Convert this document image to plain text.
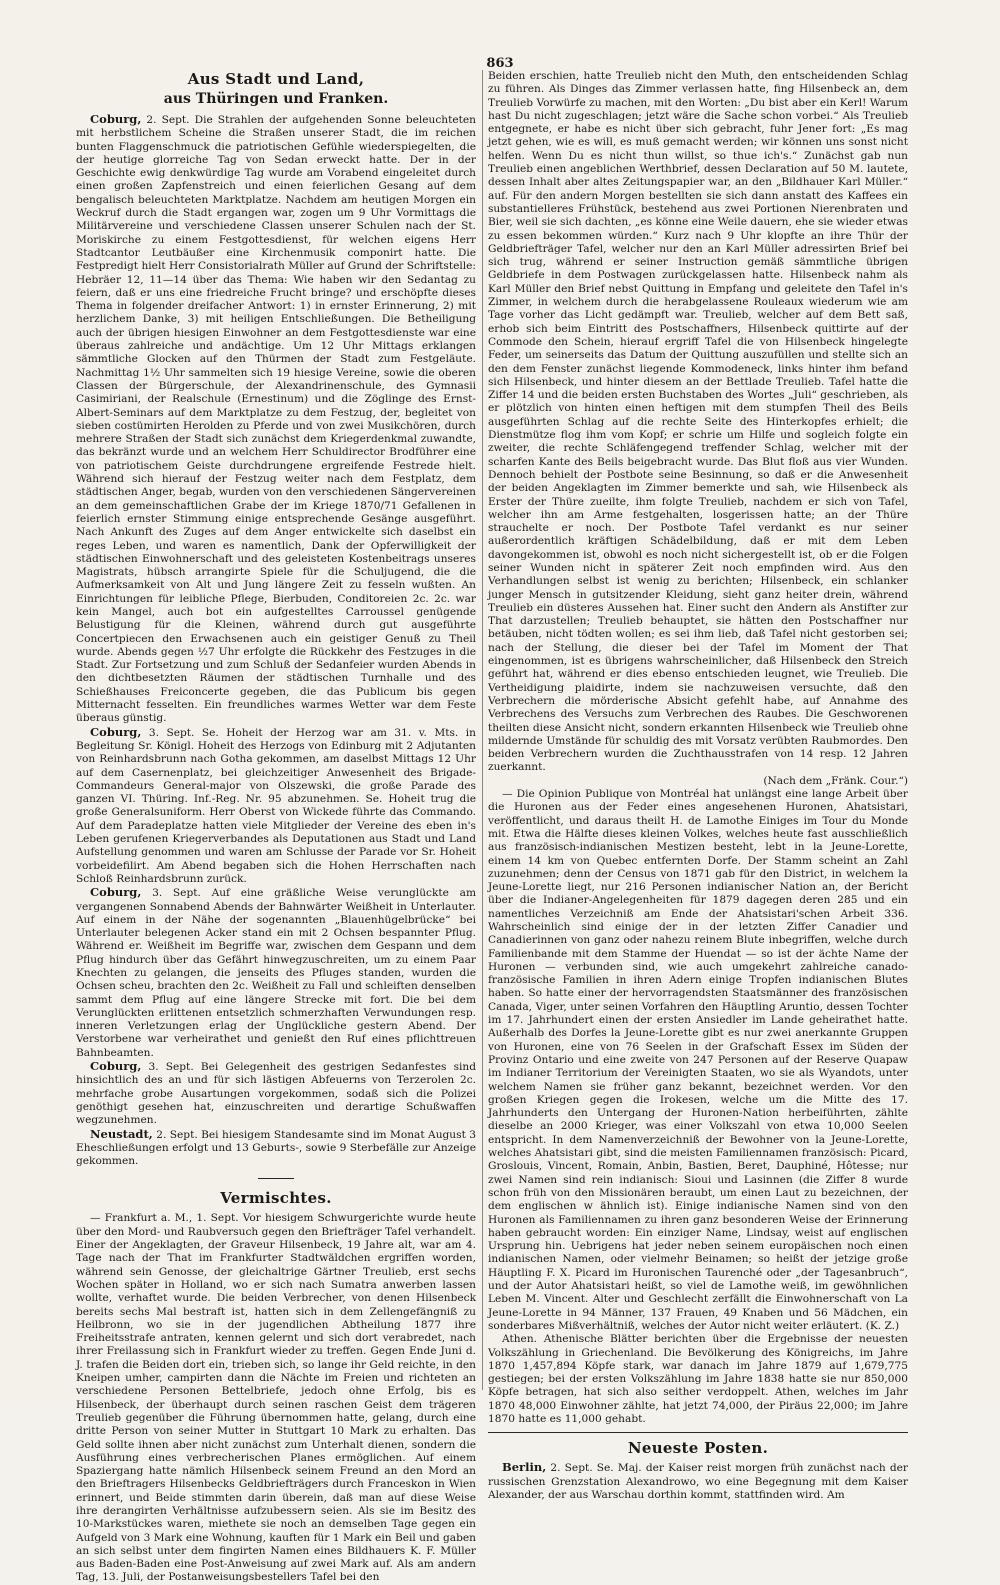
863
Aus Stadt und Land,
aus Thüringen und Franken.

Coburg, 2. Sept. Die Strahlen der aufgehenden Sonne beleuchteten mit herbstlichem Scheine die Straßen unserer Stadt, die im reichen bunten Flaggenschmuck die patriotischen Gefühle wiederspiegelten, die der heutige glorreiche Tag von Sedan erweckt hatte. Der in der Geschichte ewig denkwürdige Tag wurde am Vorabend eingeleitet durch einen großen Zapfenstreich und einen feierlichen Gesang auf dem bengalisch beleuchteten Marktplatze. Nachdem am heutigen Morgen ein Weckruf durch die Stadt ergangen war, zogen um 9 Uhr Vormittags die Militärvereine und verschiedene Classen unserer Schulen nach der St. Moriskirche zu einem Festgottesdienst, für welchen eigens Herr Stadtcantor Leutbäußer eine Kirchenmusik componirt hatte. Die Festpredigt hielt Herr Consistorialrath Müller auf Grund der Schriftstelle: Hebräer 12, 11—14 über das Thema: Wie haben wir den Sedantag zu feiern, daß er uns eine friedreiche Frucht bringe? und erschöpfte dieses Thema in folgender dreifacher Antwort: 1) in ernster Erinnerung, 2) mit herzlichem Danke, 3) mit heiligen Entschließungen. Die Betheiligung auch der übrigen hiesigen Einwohner an dem Festgottesdienste war eine überaus zahlreiche und andächtige. Um 12 Uhr Mittags erklangen sämmtliche Glocken auf den Thürmen der Stadt zum Festgeläute. Nachmittag 1½ Uhr sammelten sich 19 hiesige Vereine, sowie die oberen Classen der Bürgerschule, der Alexandrinenschule, des Gymnasii Casimiriani, der Realschule (Ernestinum) und die Zöglinge des Ernst-Albert-Seminars auf dem Marktplatze zu dem Festzug, der, begleitet von sieben costümirten Herolden zu Pferde und von zwei Musikchören, durch mehrere Straßen der Stadt sich zunächst dem Kriegerdenkmal zuwandte, das bekränzt wurde und an welchem Herr Schuldirector Brodführer eine von patriotischem Geiste durchdrungene ergreifende Festrede hielt. Während sich hierauf der Festzug weiter nach dem Festplatz, dem städtischen Anger, begab, wurden von den verschiedenen Sängervereinen an dem gemeinschaftlichen Grabe der im Kriege 1870/71 Gefallenen in feierlich ernster Stimmung einige entsprechende Gesänge ausgeführt. Nach Ankunft des Zuges auf dem Anger entwickelte sich daselbst ein reges Leben, und waren es namentlich, Dank der Opferwilligkeit der städtischen Einwohnerschaft und des geleisteten Kostenbeitrags unseres Magistrats, hübsch arrangirte Spiele für die Schuljugend, die die Aufmerksamkeit von Alt und Jung längere Zeit zu fesseln wußten. An Einrichtungen für leibliche Pflege, Bierbuden, Conditoreien 2c. 2c. war kein Mangel, auch bot ein aufgestelltes Carroussel genügende Belustigung für die Kleinen, während durch gut ausgeführte Concertpiecen den Erwachsenen auch ein geistiger Genuß zu Theil wurde. Abends gegen ½7 Uhr erfolgte die Rückkehr des Festzuges in die Stadt. Zur Fortsetzung und zum Schluß der Sedanfeier wurden Abends in den dichtbesetzten Räumen der städtischen Turnhalle und des Schießhauses Freiconcerte gegeben, die das Publicum bis gegen Mitternacht fesselten. Ein freundliches warmes Wetter war dem Feste überaus günstig.

Coburg, 3. Sept. Se. Hoheit der Herzog war am 31. v. Mts. in Begleitung Sr. Königl. Hoheit des Herzogs von Edinburg mit 2 Adjutanten von Reinhardsbrunn nach Gotha gekommen, am daselbst Mittags 12 Uhr auf dem Casernenplatz, bei gleichzeitiger Anwesenheit des Brigade-Commandeurs General-major von Olszewski, die große Parade des ganzen VI. Thüring. Inf.-Reg. Nr. 95 abzunehmen. Se. Hoheit trug die große Generalsuniform. Herr Oberst von Wickede führte das Commando. Auf dem Paradeplatze hatten viele Mitglieder der Vereine des eben in's Leben gerufenen Kriegerverbandes als Deputationen aus Stadt und Land Aufstellung genommen und waren am Schlusse der Parade vor Sr. Hoheit vorbeidefilirt. Am Abend begaben sich die Hohen Herrschaften nach Schloß Reinhardsbrunn zurück.

Coburg, 3. Sept. Auf eine gräßliche Weise verunglückte am vergangenen Sonnabend Abends der Bahnwärter Weißheit in Unterlauter. Auf einem in der Nähe der sogenannten „Blauenhügelbrücke“ bei Unterlauter belegenen Acker stand ein mit 2 Ochsen bespannter Pflug. Während er. Weißheit im Begriffe war, zwischen dem Gespann und dem Pflug hindurch über das Gefährt hinwegzuschreiten, um zu einem Paar Knechten zu gelangen, die jenseits des Pfluges standen, wurden die Ochsen scheu, brachten den 2c. Weißheit zu Fall und schleiften denselben sammt dem Pflug auf eine längere Strecke mit fort. Die bei dem Verunglückten erlittenen entsetzlich schmerzhaften Verwundungen resp. inneren Verletzungen erlag der Unglückliche gestern Abend. Der Verstorbene war verheirathet und genießt den Ruf eines pflichttreuen Bahnbeamten.

Coburg, 3. Sept. Bei Gelegenheit des gestrigen Sedanfestes sind hinsichtlich des an und für sich lästigen Abfeuerns von Terzerolen 2c. mehrfache grobe Ausartungen vorgekommen, sodaß sich die Polizei genöthigt gesehen hat, einzuschreiten und derartige Schußwaffen wegzunehmen.

Neustadt, 2. Sept. Bei hiesigem Standesamte sind im Monat August 3 Eheschließungen erfolgt und 13 Geburts-, sowie 9 Sterbefälle zur Anzeige gekommen.

Vermischtes.

— Frankfurt a. M., 1. Sept. Vor hiesigem Schwurgerichte wurde heute über den Mord- und Raubversuch gegen den Briefträger Tafel verhandelt. Einer der Angeklagten, der Graveur Hilsenbeck, 19 Jahre alt, war am 4. Tage nach der That im Frankfurter Stadtwäldchen ergriffen worden, während sein Genosse, der gleichaltrige Gärtner Treulieb, erst sechs Wochen später in Holland, wo er sich nach Sumatra anwerben lassen wollte, verhaftet wurde. Die beiden Verbrecher, von denen Hilsenbeck bereits sechs Mal bestraft ist, hatten sich in dem Zellengefängniß zu Heilbronn, wo sie in der jugendlichen Abtheilung 1877 ihre Freiheitsstrafe antraten, kennen gelernt und sich dort verabredet, nach ihrer Freilassung sich in Frankfurt wieder zu treffen. Gegen Ende Juni d. J. trafen die Beiden dort ein, trieben sich, so lange ihr Geld reichte, in den Kneipen umher, campirten dann die Nächte im Freien und richteten an verschiedene Personen Bettelbriefe, jedoch ohne Erfolg, bis es Hilsenbeck, der überhaupt durch seinen raschen Geist dem trägeren Treulieb gegenüber die Führung übernommen hatte, gelang, durch eine dritte Person von seiner Mutter in Stuttgart 10 Mark zu erhalten. Das Geld sollte ihnen aber nicht zunächst zum Unterhalt dienen, sondern die Ausführung eines verbrecherischen Planes ermöglichen. Auf einem Spaziergang hatte nämlich Hilsenbeck seinem Freund an den Mord an den Brieftragers Hilsenbecks Geldbriefträgers durch Franceskon in Wien erinnert, und Beide stimmten darin überein, daß man auf diese Weise ihre derangirten Verhältnisse aufzubessern seien. Als sie im Besitz des 10-Markstückes waren, miethete sie noch an demselben Tage gegen ein Aufgeld von 3 Mark eine Wohnung, kauften für 1 Mark ein Beil und gaben an sich selbst unter dem fingirten Namen eines Bildhauers K. F. Müller aus Baden-Baden eine Post-Anweisung auf zwei Mark auf. Als am andern Tag, 13. Juli, der Postanweisungsbestellers Tafel bei den

Beiden erschien, hatte Treulieb nicht den Muth, den entscheidenden Schlag zu führen. Als Dinges das Zimmer verlassen hatte, fing Hilsenbeck an, dem Treulieb Vorwürfe zu machen, mit den Worten: „Du bist aber ein Kerl! Warum hast Du nicht zugeschlagen; jetzt wäre die Sache schon vorbei.“ Als Treulieb entgegnete, er habe es nicht über sich gebracht, fuhr Jener fort: „Es mag jetzt gehen, wie es will, es muß gemacht werden; wir können uns sonst nicht helfen. Wenn Du es nicht thun willst, so thue ich's.“ Zunächst gab nun Treulieb einen angeblichen Werthbrief, dessen Declaration auf 50 M. lautete, dessen Inhalt aber altes Zeitungspapier war, an den „Bildhauer Karl Müller.“ auf. Für den andern Morgen bestellten sie sich dann anstatt des Kaffees ein substantielleres Frühstück, bestehend aus zwei Portionen Nierenbraten und Bier, weil sie sich dachten, „es könne eine Weile dauern, ehe sie wieder etwas zu essen bekommen würden.“ Kurz nach 9 Uhr klopfte an ihre Thür der Geldbriefträger Tafel, welcher nur den an Karl Müller adressirten Brief bei sich trug, während er seiner Instruction gemäß sämmtliche übrigen Geldbriefe in dem Postwagen zurückgelassen hatte. Hilsenbeck nahm als Karl Müller den Brief nebst Quittung in Empfang und geleitete den Tafel in's Zimmer, in welchem durch die herabgelassene Rouleaux wiederum wie am Tage vorher das Licht gedämpft war. Treulieb, welcher auf dem Bett saß, erhob sich beim Eintritt des Postschaffners, Hilsenbeck quittirte auf der Commode den Schein, hierauf ergriff Tafel die von Hilsenbeck hingelegte Feder, um seinerseits das Datum der Quittung auszufüllen und stellte sich an den dem Fenster zunächst liegende Kommodeneck, links hinter ihm befand sich Hilsenbeck, und hinter diesem an der Bettlade Treulieb. Tafel hatte die Ziffer 14 und die beiden ersten Buchstaben des Wortes „Juli“ geschrieben, als er plötzlich von hinten einen heftigen mit dem stumpfen Theil des Beils ausgeführten Schlag auf die rechte Seite des Hinterkopfes erhielt; die Dienstmütze flog ihm vom Kopf; er schrie um Hilfe und sogleich folgte ein zweiter, die rechte Schläfengegend treffender Schlag, welcher mit der scharfen Kante des Beils beigebracht wurde. Das Blut floß aus vier Wunden. Dennoch behielt der Postbote seine Besinnung, so daß er die Anwesenheit der beiden Angeklagten im Zimmer bemerkte und sah, wie Hilsenbeck als Erster der Thüre zueilte, ihm folgte Treulieb, nachdem er sich von Tafel, welcher ihn am Arme festgehalten, losgerissen hatte; an der Thüre strauchelte er noch. Der Postbote Tafel verdankt es nur seiner außerordentlich kräftigen Schädelbildung, daß er mit dem Leben davongekommen ist, obwohl es noch nicht sichergestellt ist, ob er die Folgen seiner Wunden nicht in späterer Zeit noch empfinden wird. Aus den Verhandlungen selbst ist wenig zu berichten; Hilsenbeck, ein schlanker junger Mensch in gutsitzender Kleidung, sieht ganz heiter drein, während Treulieb ein düsteres Aussehen hat. Einer sucht den Andern als Anstifter zur That darzustellen; Treulieb behauptet, sie hätten den Postschaffner nur betäuben, nicht tödten wollen; es sei ihm lieb, daß Tafel nicht gestorben sei; nach der Stellung, die dieser bei der Tafel im Moment der That eingenommen, ist es übrigens wahrscheinlicher, daß Hilsenbeck den Streich geführt hat, während er dies ebenso entschieden leugnet, wie Treulieb. Die Vertheidigung plaidirte, indem sie nachzuweisen versuchte, daß den Verbrechern die mörderische Absicht gefehlt habe, auf Annahme des Verbrechens des Versuchs zum Verbrechen des Raubes. Die Geschworenen theilten diese Ansicht nicht, sondern erkannten Hilsenbeck wie Treulieb ohne mildernde Umstände für schuldig des mit Vorsatz verübten Raubmordes. Den beiden Verbrechern wurden die Zuchthausstrafen von 14 resp. 12 Jahren zuerkannt.

(Nach dem „Fränk. Cour.“)

— Die Opinion Publique von Montréal hat unlängst eine lange Arbeit über die Huronen aus der Feder eines angesehenen Huronen, Ahatsistari, veröffentlicht, und daraus theilt H. de Lamothe Einiges im Tour du Monde mit. Etwa die Hälfte dieses kleinen Volkes, welches heute fast ausschließlich aus französisch-indianischen Mestizen besteht, lebt in la Jeune-Lorette, einem 14 km von Quebec entfernten Dorfe. Der Stamm scheint an Zahl zuzunehmen; denn der Census von 1871 gab für den District, in welchem la Jeune-Lorette liegt, nur 216 Personen indianischer Nation an, der Bericht über die Indianer-Angelegenheiten für 1879 dagegen deren 285 und ein namentliches Verzeichniß am Ende der Ahatsistari'schen Arbeit 336. Wahrscheinlich sind einige der in der letzten Ziffer Canadier und Canadierinnen von ganz oder nahezu reinem Blute inbegriffen, welche durch Familienbande mit dem Stamme der Huendat — so ist der ächte Name der Huronen — verbunden sind, wie auch umgekehrt zahlreiche canado-französische Familien in ihren Adern einige Tropfen indianischen Blutes haben. So hatte einer der hervorragendsten Staatsmänner des französischen Canada, Viger, unter seinen Vorfahren den Häuptling Aruntio, dessen Tochter im 17. Jahrhundert einen der ersten Ansiedler im Lande geheirathet hatte. Außerhalb des Dorfes la Jeune-Lorette gibt es nur zwei anerkannte Gruppen von Huronen, eine von 76 Seelen in der Grafschaft Essex im Süden der Provinz Ontario und eine zweite von 247 Personen auf der Reserve Quapaw im Indianer Territorium der Vereinigten Staaten, wo sie als Wyandots, unter welchem Namen sie früher ganz bekannt, bezeichnet werden. Vor den großen Kriegen gegen die Irokesen, welche um die Mitte des 17. Jahrhunderts den Untergang der Huronen-Nation herbeiführten, zählte dieselbe an 2000 Krieger, was einer Volkszahl von etwa 10,000 Seelen entspricht. In dem Namenverzeichniß der Bewohner von la Jeune-Lorette, welches Ahatsistari gibt, sind die meisten Familiennamen französisch: Picard, Groslouis, Vincent, Romain, Anbin, Bastien, Beret, Dauphiné, Hôtesse; nur zwei Namen sind rein indianisch: Sioui und Lasinnen (die Ziffer 8 wurde schon früh von den Missionären beraubt, um einen Laut zu bezeichnen, der dem englischen w ähnlich ist). Einige indianische Namen sind von den Huronen als Familiennamen zu ihren ganz besonderen Weise der Erinnerung haben gebraucht worden: Ein einziger Name, Lindsay, weist auf englischen Ursprung hin. Uebrigens hat jeder neben seinem europäischen noch einen indianischen Namen, oder vielmehr Beinamen; so heißt der jetzige große Häuptling F. X. Picard im Huronischen Taurenché oder „der Tagesanbruch“, und der Autor Ahatsistari heißt, so viel de Lamothe weiß, im gewöhnlichen Leben M. Vincent. Alter und Geschlecht zerfällt die Einwohnerschaft von La Jeune-Lorette in 94 Männer, 137 Frauen, 49 Knaben und 56 Mädchen, ein sonderbares Mißverhältniß, welches der Autor nicht weiter erläutert. (K. Z.)

Athen. Athenische Blätter berichten über die Ergebnisse der neuesten Volkszählung in Griechenland. Die Bevölkerung des Königreichs, im Jahre 1870 1,457,894 Köpfe stark, war danach im Jahre 1879 auf 1,679,775 gestiegen; bei der ersten Volkszählung im Jahre 1838 hatte sie nur 850,000 Köpfe betragen, hat sich also seither verdoppelt. Athen, welches im Jahr 1870 48,000 Einwohner zählte, hat jetzt 74,000, der Piräus 22,000; im Jahre 1870 hatte es 11,000 gehabt.

Neueste Posten.

Berlin, 2. Sept. Se. Maj. der Kaiser reist morgen früh zunächst nach der russischen Grenzstation Alexandrowo, wo eine Begegnung mit dem Kaiser Alexander, der aus Warschau dorthin kommt, stattfinden wird. Am
